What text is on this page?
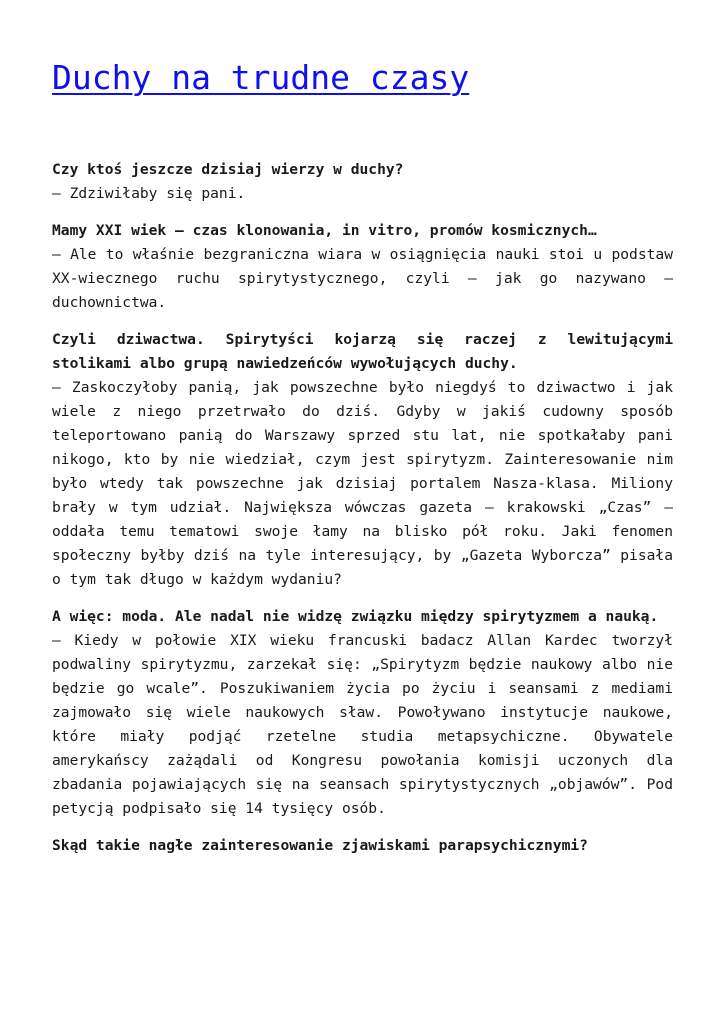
Duchy na trudne czasy
Czy ktoś jeszcze dzisiaj wierzy w duchy?
– Zdziwiłaby się pani.
Mamy XXI wiek – czas klonowania, in vitro, promów kosmicznych…
– Ale to właśnie bezgraniczna wiara w osiągnięcia nauki stoi u podstaw XX-wiecznego ruchu spirytystycznego, czyli – jak go nazywano – duchownictwa.
Czyli dziwactwa. Spirytyści kojarzą się raczej z lewitującymi stolikami albo grupą nawiedzeńców wywołujących duchy.
– Zaskoczyłoby panią, jak powszechne było niegdyś to dziwactwo i jak wiele z niego przetrwało do dziś. Gdyby w jakiś cudowny sposób teleportowano panią do Warszawy sprzed stu lat, nie spotkałaby pani nikogo, kto by nie wiedział, czym jest spirytyzm. Zainteresowanie nim było wtedy tak powszechne jak dzisiaj portalem Nasza-klasa. Miliony brały w tym udział. Największa wówczas gazeta – krakowski „Czas” – oddała temu tematowi swoje łamy na blisko pół roku. Jaki fenomen społeczny byłby dziś na tyle interesujący, by „Gazeta Wyborcza” pisała o tym tak długo w każdym wydaniu?
A więc: moda. Ale nadal nie widzę związku między spirytyzmem a nauką.
– Kiedy w połowie XIX wieku francuski badacz Allan Kardec tworzył podwaliny spirytyzmu, zarzekał się: „Spirytyzm będzie naukowy albo nie będzie go wcale”. Poszukiwaniem życia po życiu i seansami z mediami zajmowało się wiele naukowych sław. Powoływano instytucje naukowe, które miały podjąć rzetelne studia metapsychiczne. Obywatele amerykańscy zażądali od Kongresu powołania komisji uczonych dla zbadania pojawiających się na seansach spirytystycznych „objawów”. Pod petycją podpisało się 14 tysięcy osób.
Skąd takie nagłe zainteresowanie zjawiskami parapsychicznymi?
